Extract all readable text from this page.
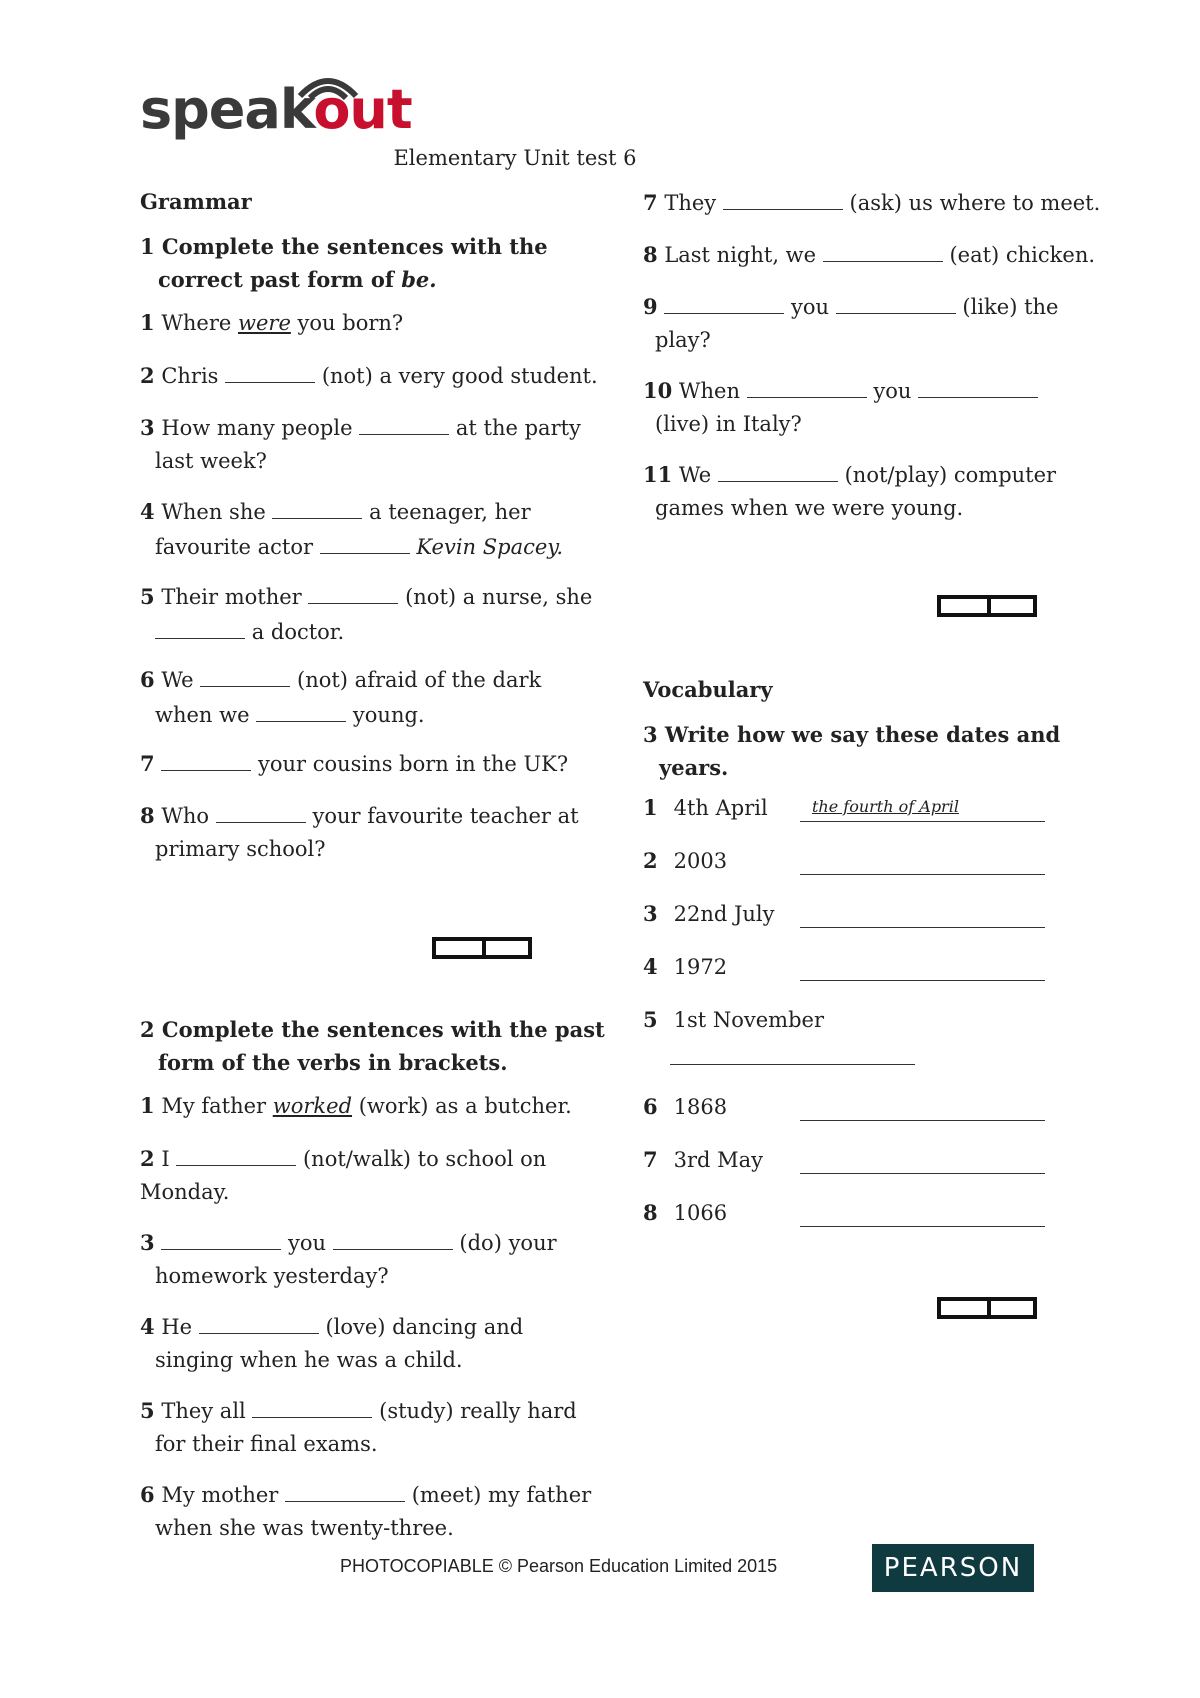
speakout
Elementary Unit test 6
Grammar
1 Complete the sentences with the
correct past form of be.
1 Where were you born?
2 Chris	(not) a very good student.
3 How many people	at the party
last week?
4 When she	a teenager, her
favourite actor	Kevin Spacey.
5 Their mother	(not) a nurse, she
a doctor.
6 We	(not) afraid of the dark
when we	young.
7	your cousins born in the UK?
8 Who	your favourite teacher at
primary school?
2 Complete the sentences with the past
form of the verbs in brackets.
1 My father worked (work) as a butcher.
2 I	(not/walk) to school on
Monday.
3	you	(do) your
homework yesterday?
4 He	(love) dancing and
singing when he was a child.
5 They all	(study) really hard
for their final exams.
6 My mother	(meet) my father
when she was twenty-three.
7 They	(ask) us where to meet.
8 Last night, we	(eat) chicken.
9	you	(like) the
play?
10 When	you
(live) in Italy?
11 We	(not/play) computer
games when we were young.
Vocabulary
3 Write how we say these dates and
years.
1 4th April	the fourth of April
2 2003
3 22nd July
4 1972
5 1st November
6 1868
7 3rd May
8 1066
PHOTOCOPIABLE © Pearson Education Limited 2015	PEARSON
